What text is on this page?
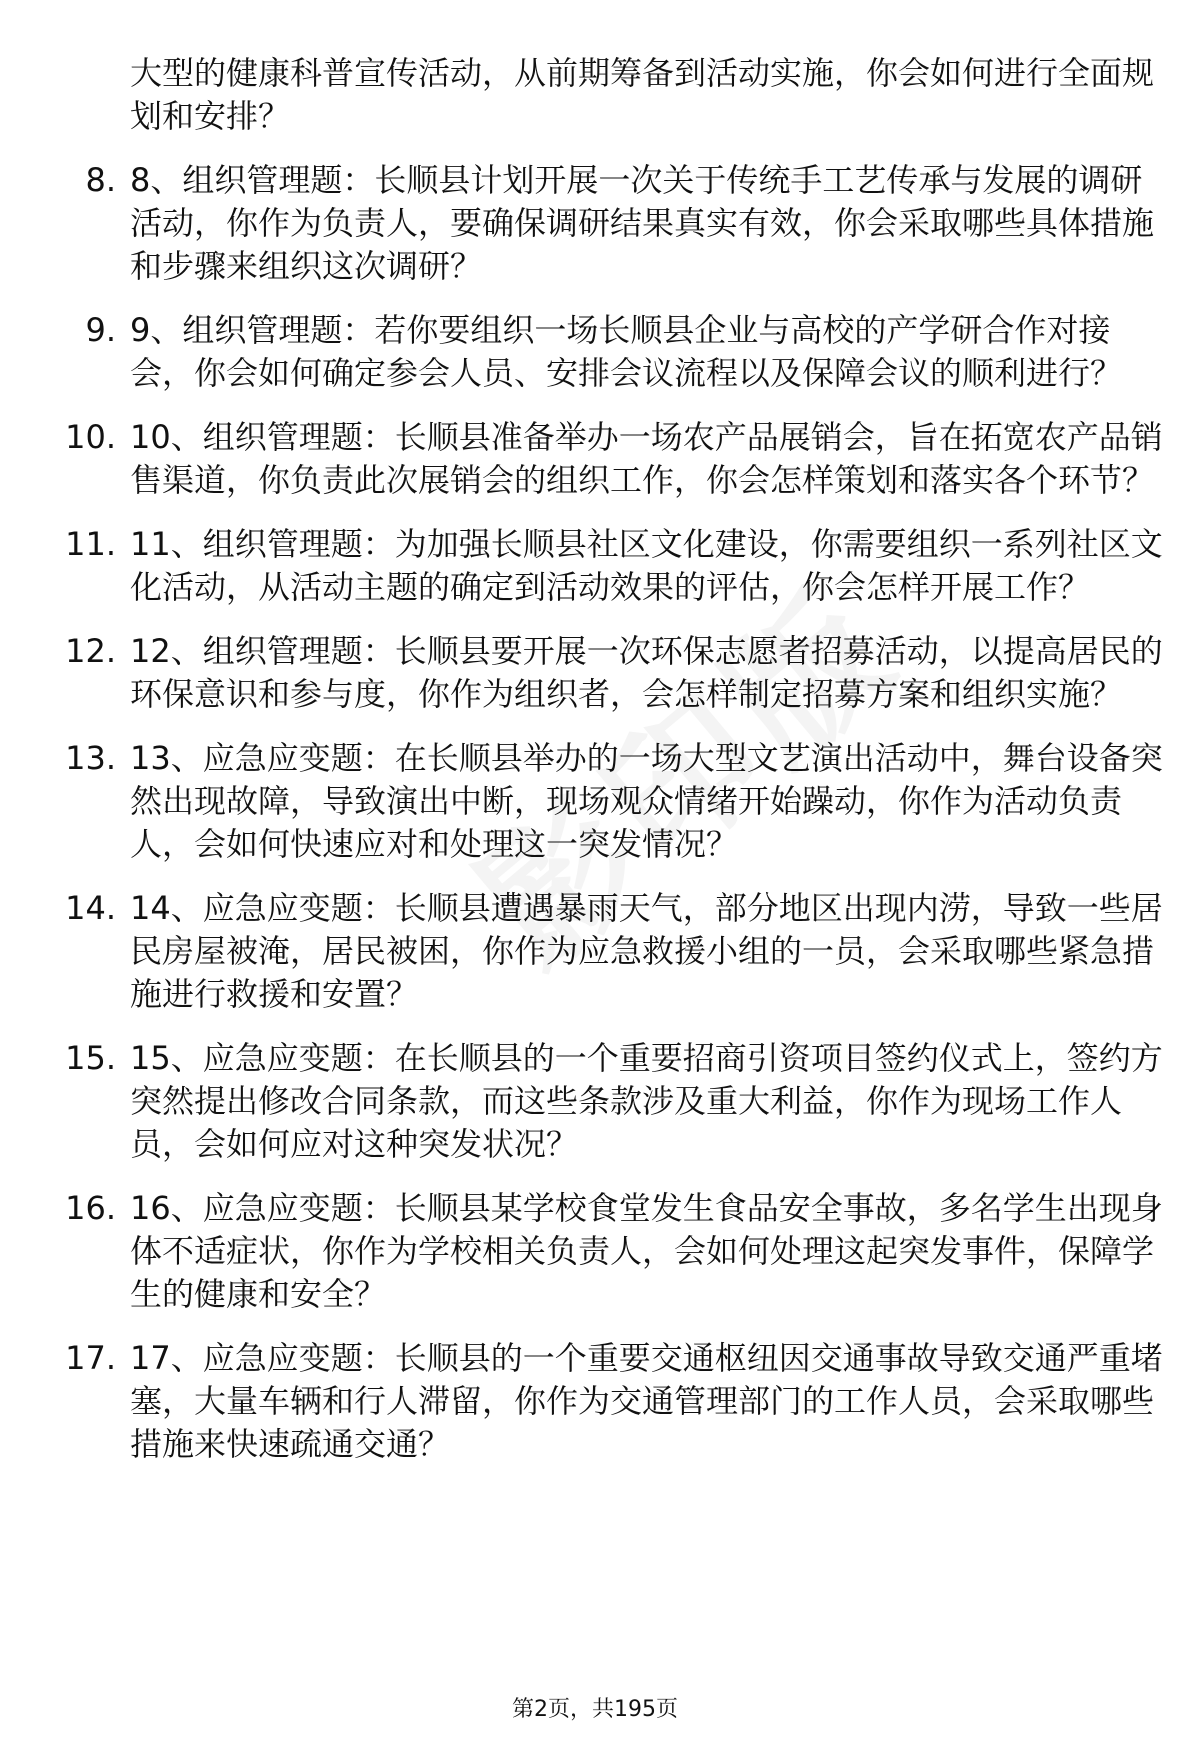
大型的健康科普宣传活动，从前期筹备到活动实施，你会如何进行全面规划和安排？
8. 8、组织管理题：长顺县计划开展一次关于传统手工艺传承与发展的调研活动，你作为负责人，要确保调研结果真实有效，你会采取哪些具体措施和步骤来组织这次调研？
9. 9、组织管理题：若你要组织一场长顺县企业与高校的产学研合作对接会，你会如何确定参会人员、安排会议流程以及保障会议的顺利进行？
10. 10、组织管理题：长顺县准备举办一场农产品展销会，旨在拓宽农产品销售渠道，你负责此次展销会的组织工作，你会怎样策划和落实各个环节？
11. 11、组织管理题：为加强长顺县社区文化建设，你需要组织一系列社区文化活动，从活动主题的确定到活动效果的评估，你会怎样开展工作？
12. 12、组织管理题：长顺县要开展一次环保志愿者招募活动，以提高居民的环保意识和参与度，你作为组织者，会怎样制定招募方案和组织实施？
13. 13、应急应变题：在长顺县举办的一场大型文艺演出活动中，舞台设备突然出现故障，导致演出中断，现场观众情绪开始躁动，你作为活动负责人，会如何快速应对和处理这一突发情况？
14. 14、应急应变题：长顺县遭遇暴雨天气，部分地区出现内涝，导致一些居民房屋被淹，居民被困，你作为应急救援小组的一员，会采取哪些紧急措施进行救援和安置？
15. 15、应急应变题：在长顺县的一个重要招商引资项目签约仪式上，签约方突然提出修改合同条款，而这些条款涉及重大利益，你作为现场工作人员，会如何应对这种突发状况？
16. 16、应急应变题：长顺县某学校食堂发生食品安全事故，多名学生出现身体不适症状，你作为学校相关负责人，会如何处理这起突发事件，保障学生的健康和安全？
17. 17、应急应变题：长顺县的一个重要交通枢纽因交通事故导致交通严重堵塞，大量车辆和行人滞留，你作为交通管理部门的工作人员，会采取哪些措施来快速疏通交通？
第2页，共195页
